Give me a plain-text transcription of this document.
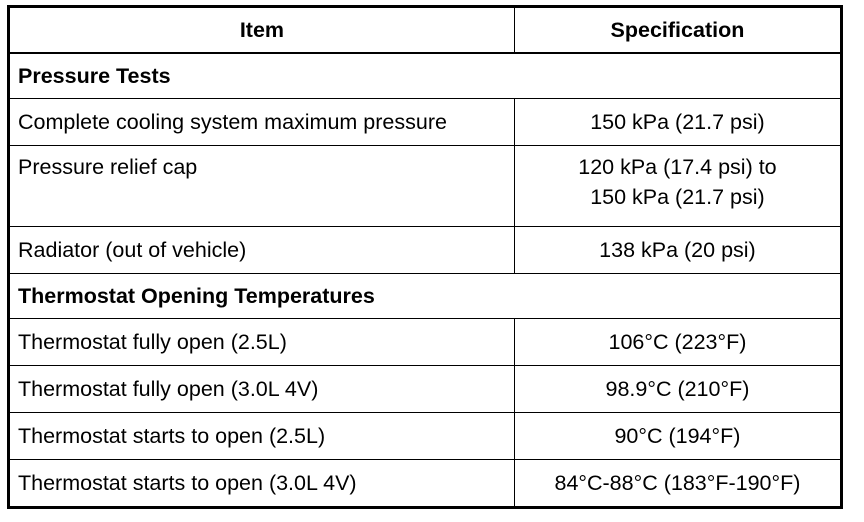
Item	Specification
Pressure Tests	
Complete cooling system maximum pressure	150 kPa (21.7 psi)
Pressure relief cap	120 kPa (17.4 psi) to
150 kPa (21.7 psi)

Radiator (out of vehicle)	138 kPa (20 psi)
Thermostat Opening Temperatures	
Thermostat fully open (2.5L)	106°C (223°F)
Thermostat fully open (3.0L 4V)	98.9°C (210°F)
Thermostat starts to open (2.5L)	90°C (194°F)
Thermostat starts to open (3.0L 4V)	84°C-88°C (183°F-190°F)
